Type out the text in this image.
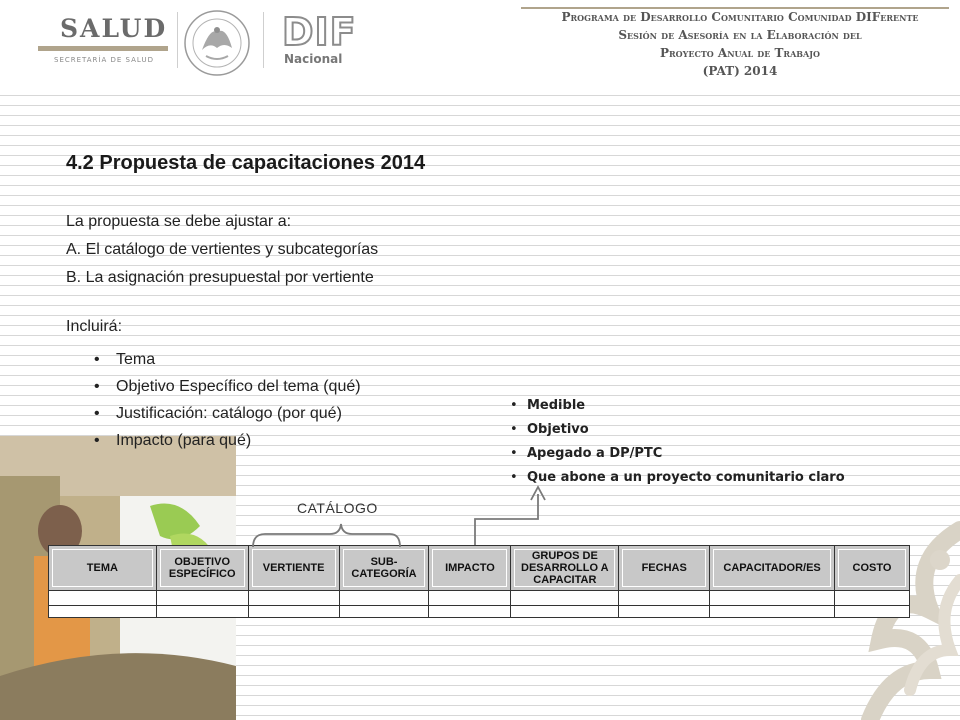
SALUD
SECRETARÍA DE SALUD
DIF
Nacional
Programa de Desarrollo Comunitario Comunidad DIFerente
Sesión de Asesoría en la Elaboración del
Proyecto Anual de Trabajo
(PAT) 2014
4.2 Propuesta de capacitaciones 2014
La propuesta se debe ajustar a:
A. El catálogo de vertientes y subcategorías
B. La asignación presupuestal por vertiente
Incluirá:
• Tema
• Objetivo Específico del tema (qué)
• Justificación: catálogo (por qué)
• Impacto (para qué)
• Medible
• Objetivo
• Apegado a DP/PTC
• Que abone a un proyecto comunitario claro
CATÁLOGO
TEMA	OBJETIVO ESPECÍFICO	VERTIENTE	SUB-CATEGORÍA	IMPACTO	GRUPOS DE DESARROLLO A CAPACITAR	FECHAS	CAPACITADOR/ES	COSTO
